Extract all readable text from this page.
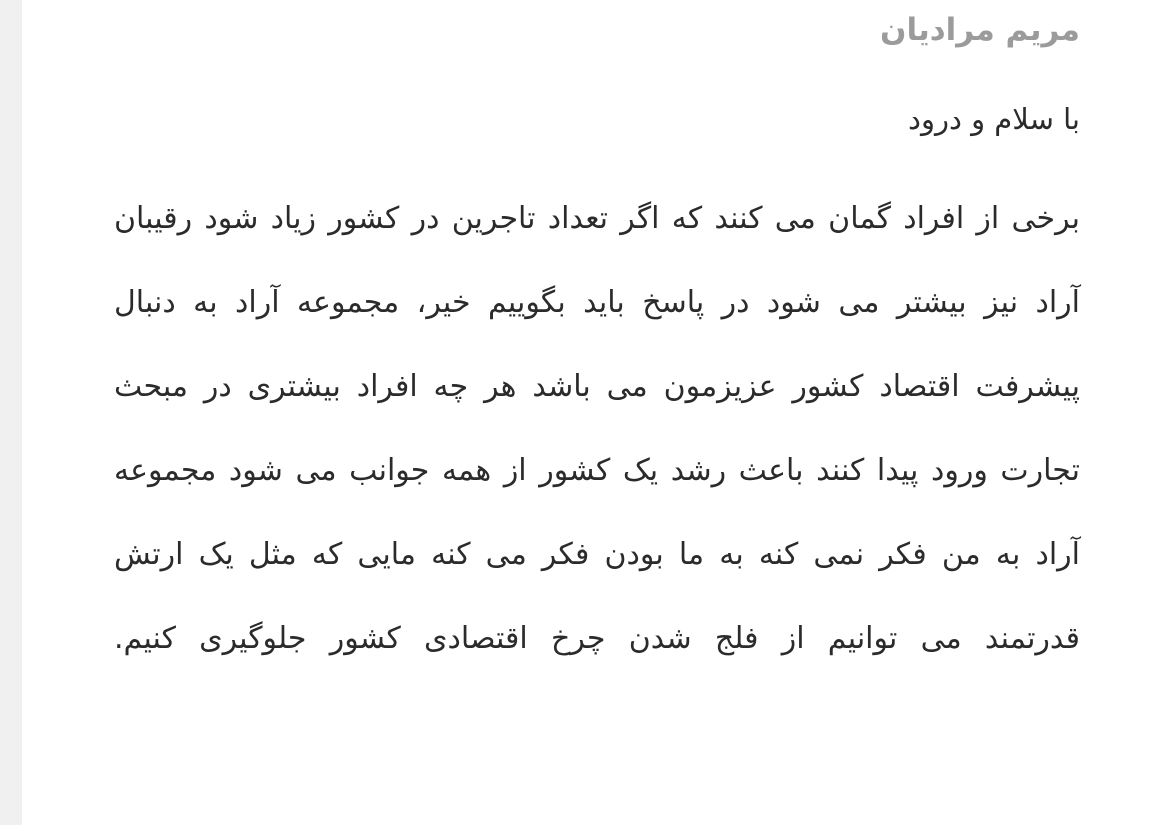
مریم مرادیان
با سلام و درود
برخی از افراد گمان می کنند که اگر تعداد تاجرین در کشور زیاد شود رقیبان آراد نیز بیشتر می شود در پاسخ باید بگوییم خیر، مجموعه آراد به دنبال پیشرفت اقتصاد کشور عزیزمون می باشد هر چه افراد بیشتری در مبحث تجارت ورود پیدا کنند باعث رشد یک کشور از همه جوانب می شود مجموعه آراد به من فکر نمی کنه به ما بودن فکر می کنه مایی که مثل یک ارتش قدرتمند می توانیم از فلج شدن چرخ اقتصادی کشور جلوگیری کنیم.
